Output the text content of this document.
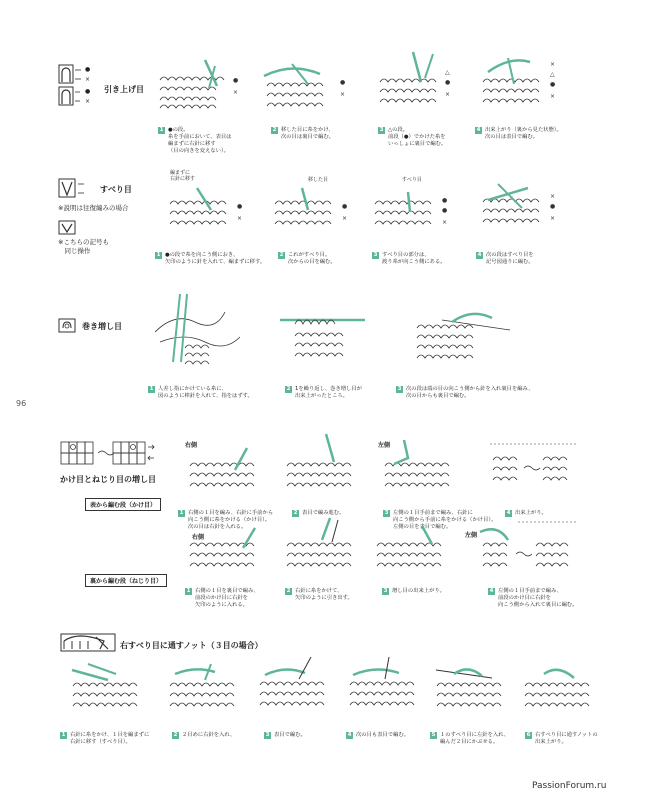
●
×
●
×
引き上げ目
●
×

1 ●の段。
糸を手前において、表目は
編まずに右針に移す
（目の向きを変えない）。

●
×

2 移した目に糸をかけ、
次の目は裏目で編む。

△
●
×

3 △の段。
前段（●）でかけた糸を
いっしょに裏目で編む。

×
△
●
×

4 出来上がり（裏から見た状態）。
次の目は表目で編む。

すべり目
※説明は往復編みの場合
※こちらの記号も
　同じ操作
編まずに
右針に移す
●
×

1 ●の段で糸を向こう側におき、
矢印のように針を入れて、編まずに移す。

移した目
●
×

2 これがすべり目。
次からの目を編む。

すべり目
●
●
×

3 すべり目の部分は、
渡り糸が向こう側にある。

×
●
×

4 次の段はすべり目を
記号図通りに編む。

巻き増し目

1 人差し指にかけている糸に、
図のように棒針を入れて、指をはずす。

2 1を繰り返し、巻き増し目が
出来上がったところ。

3 次の段は端の目の向こう側から針を入れ裏目を編み、
次の目からも裏目で編む。

96
かけ目とねじり目の増し目
右側

1 右側の１目を編み、右針に手前から
向こう側に糸をかける（かけ目）。
次の目は右針を入れる。

2 表目で編み進む。

左側

3 左側の１目手前まで編み、右針に
向こう側から手前に糸をかける（かけ目）。
左側の目を表目で編む。

4 出来上がり。

表から編む段（かけ目）
裏から編む段（ねじり目）
右側

1 右側の１目を裏目で編み、
前段のかけ目に右針を
矢印のように入れる。

2 右針に糸をかけて、
矢印のように引き出す。

3 増し目の出来上がり。

左側

4 左側の１目手前まで編み、
前段のかけ目に右針を
向こう側から入れて裏目に編む。

右すべり目に通すノット（３目の場合）

1 右針に糸をかけ、１目を編まずに
右針に移す（すべり目）。

2 ２目めに右針を入れ、

	3 表目で編む。

	4 次の目も表目で編む。

	5 １のすべり目に左針を入れ、
編んだ２目にかぶせる。

6 右すべり目に通すノットの
出来上がり。

PassionForum.ru
